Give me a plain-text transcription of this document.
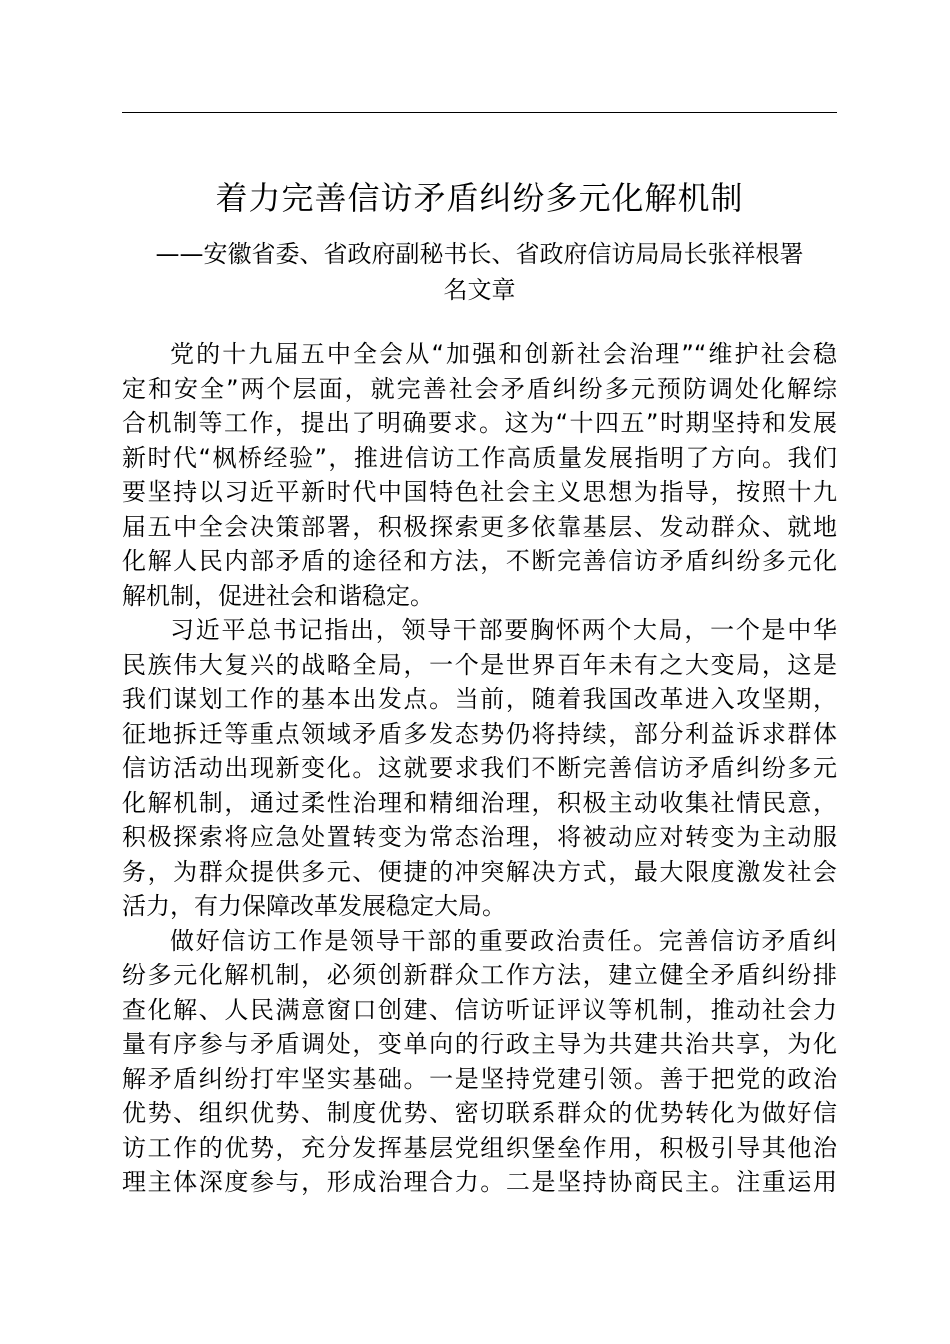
着力完善信访矛盾纠纷多元化解机制
——安徽省委、省政府副秘书长、省政府信访局局长张祥根署
名文章
党的十九届五中全会从“加强和创新社会治理”“维护社会稳
定和安全”两个层面，就完善社会矛盾纠纷多元预防调处化解综
合机制等工作，提出了明确要求。这为“十四五”时期坚持和发展
新时代“枫桥经验”，推进信访工作高质量发展指明了方向。我们
要坚持以习近平新时代中国特色社会主义思想为指导，按照十九
届五中全会决策部署，积极探索更多依靠基层、发动群众、就地
化解人民内部矛盾的途径和方法，不断完善信访矛盾纠纷多元化
解机制，促进社会和谐稳定。
习近平总书记指出，领导干部要胸怀两个大局，一个是中华
民族伟大复兴的战略全局，一个是世界百年未有之大变局，这是
我们谋划工作的基本出发点。当前，随着我国改革进入攻坚期，
征地拆迁等重点领域矛盾多发态势仍将持续，部分利益诉求群体
信访活动出现新变化。这就要求我们不断完善信访矛盾纠纷多元
化解机制，通过柔性治理和精细治理，积极主动收集社情民意，
积极探索将应急处置转变为常态治理，将被动应对转变为主动服
务，为群众提供多元、便捷的冲突解决方式，最大限度激发社会
活力，有力保障改革发展稳定大局。
做好信访工作是领导干部的重要政治责任。完善信访矛盾纠
纷多元化解机制，必须创新群众工作方法，建立健全矛盾纠纷排
查化解、人民满意窗口创建、信访听证评议等机制，推动社会力
量有序参与矛盾调处，变单向的行政主导为共建共治共享，为化
解矛盾纠纷打牢坚实基础。一是坚持党建引领。善于把党的政治
优势、组织优势、制度优势、密切联系群众的优势转化为做好信
访工作的优势，充分发挥基层党组织堡垒作用，积极引导其他治
理主体深度参与，形成治理合力。二是坚持协商民主。注重运用
